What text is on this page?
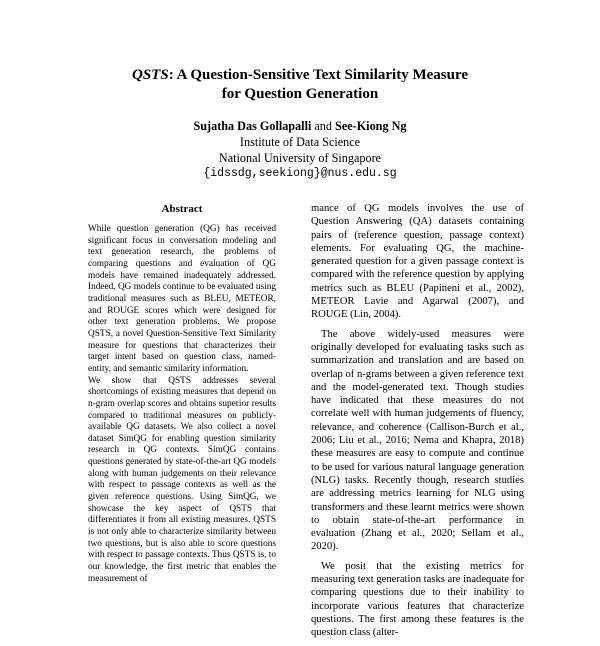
QSTS: A Question-Sensitive Text Similarity Measure
for Question Generation
Sujatha Das Gollapalli and See-Kiong Ng
Institute of Data Science
National University of Singapore
{idssdg,seekiong}@nus.edu.sg
Abstract

While question generation (QG) has received significant focus in conversation modeling and text generation research, the problems of comparing questions and evaluation of QG models have remained inadequately addressed. Indeed, QG models continue to be evaluated using traditional measures such as BLEU, METEOR, and ROUGE scores which were designed for other text generation problems. We propose QSTS, a novel Question-Sensitive Text Similarity measure for questions that characterizes their target intent based on question class, named-entity, and semantic similarity information.

We show that QSTS addresses several shortcomings of existing measures that depend on n-gram overlap scores and obtains superior results compared to traditional measures on publicly-available QG datasets. We also collect a novel dataset SimQG for enabling question similarity research in QG contexts. SimQG contains questions generated by state-of-the-art QG models along with human judgements on their relevance with respect to passage contexts as well as the given reference questions. Using SimQG, we showcase the key aspect of QSTS that differentiates it from all existing measures. QSTS is not only able to characterize similarity between two questions, but is also able to score questions with respect to passage contexts. Thus QSTS is, to our knowledge, the first metric that enables the measurement of

mance of QG models involves the use of Question Answering (QA) datasets containing pairs of (reference question, passage context) elements. For evaluating QG, the machine-generated question for a given passage context is compared with the reference question by applying metrics such as BLEU (Papineni et al., 2002), METEOR Lavie and Agarwal (2007), and ROUGE (Lin, 2004).

The above widely-used measures were originally developed for evaluating tasks such as summarization and translation and are based on overlap of n-grams between a given reference text and the model-generated text. Though studies have indicated that these measures do not correlate well with human judgements of fluency, relevance, and coherence (Callison-Burch et al., 2006; Liu et al., 2016; Nema and Khapra, 2018) these measures are easy to compute and continue to be used for various natural language generation (NLG) tasks. Recently though, research studies are addressing metrics learning for NLG using transformers and these learnt metrics were shown to obtain state-of-the-art performance in evaluation (Zhang et al., 2020; Sellam et al., 2020).

We posit that the existing metrics for measuring text generation tasks are inadequate for comparing questions due to their inability to incorporate various features that characterize questions. The first among these features is the question class (alter-
